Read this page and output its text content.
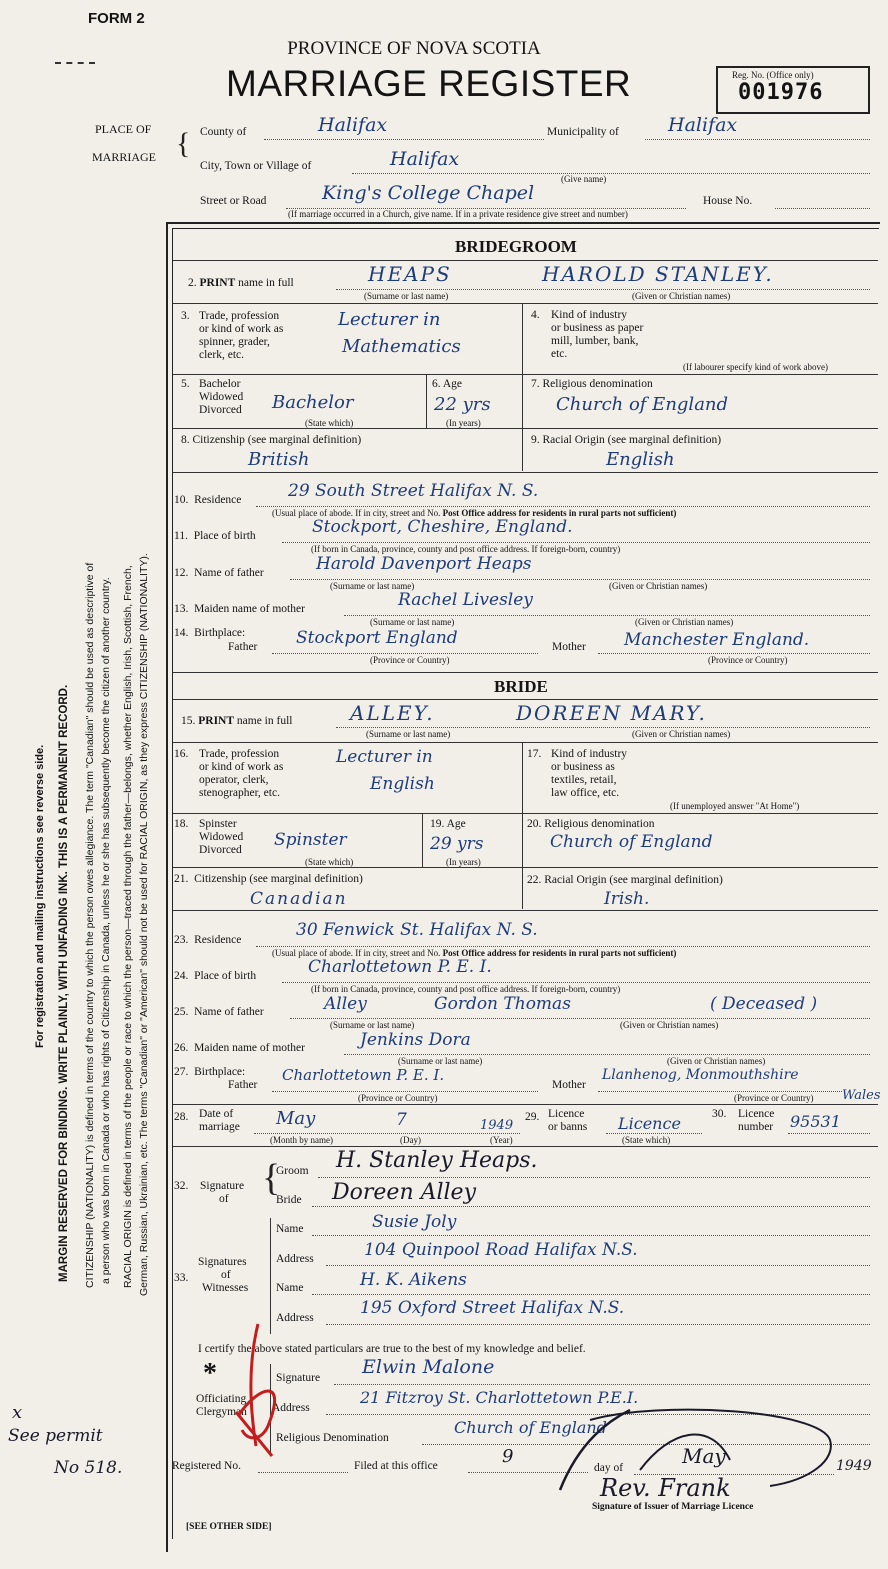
FORM 2
PROVINCE OF NOVA SCOTIA
MARRIAGE REGISTER	Reg. No. (Office only)
001976
PLACE OF
MARRIAGE { County of	Halifax	Municipality of	Halifax
City, Town or Village of	Halifax
(Give name)
Street or Road	King's College Chapel	House No.
(If marriage occurred in a Church, give name. If in a private residence give street and number)
BRIDEGROOM
2. PRINT name in full	HEAPS	HAROLD STANLEY.
(Surname or last name)	(Given or Christian names)
3. Trade, profession
or kind of work as
spinner, grader,
clerk, etc.
Lecturer in
Mathematics
4. Kind of industry
or business as paper
mill, lumber, bank,
etc.
(If labourer specify kind of work above)
5. Bachelor
Widowed
Divorced Bachelor
(State which)
6. Age
22 yrs
(In years)
7. Religious denomination
Church of England
8. Citizenship (see marginal definition)
British
9. Racial Origin (see marginal definition)
English
10. Residence	29 South Street Halifax N. S.
(Usual place of abode. If in city, street and No. Post Office address for residents in rural parts not sufficient)
11. Place of birth	Stockport, Cheshire, England.
(If born in Canada, province, county and post office address. If foreign-born, country)
12. Name of father	Harold Davenport Heaps
(Surname or last name)	(Given or Christian names)
13. Maiden name of mother	Rachel Livesley
(Surname or last name)	(Given or Christian names)
14. Birthplace:
Father Stockport England	Mother Manchester England.
(Province or Country)	(Province or Country)
BRIDE
15. PRINT name in full	ALLEY.	DOREEN MARY.
(Surname or last name)	(Given or Christian names)
16. Trade, profession
or kind of work as
operator, clerk,
stenographer, etc.
Lecturer in
English
17. Kind of industry
or business as
textiles, retail,
law office, etc.
(If unemployed answer "At Home")
18. Spinster
Widowed
Divorced Spinster
(State which)
19. Age
29 yrs
(In years)
20. Religious denomination
Church of England
21. Citizenship (see marginal definition)
Canadian
22. Racial Origin (see marginal definition)
Irish.
23. Residence	30 Fenwick St. Halifax N. S.
(Usual place of abode. If in city, street and No. Post Office address for residents in rural parts not sufficient)
24. Place of birth	Charlottetown P. E. I.
(If born in Canada, province, county and post office address. If foreign-born, country)
25. Name of father	Alley	Gordon Thomas	( Deceased )
(Surname or last name)	(Given or Christian names)
26. Maiden name of mother	Jenkins Dora
(Surname or last name)	(Given or Christian names)
27. Birthplace:
Father
Charlottetown P. E. I.
Mother
Llanhenog, Monmouthshire
Wales
(Province or Country)	(Province or Country)
28. Date of
marriage May	7	1949
(Month by name)	(Day)	(Year)
29. Licence
or banns Licence
(State which)
30. Licence
number 95531
32. Signature
of {
Groom H. Stanley Heaps.
Bride Doreen Alley
33.
Signatures
of
Witnesses
Name	Susie Joly
Address	104 Quinpool Road Halifax N.S.
Name	H. K. Aikens
Address	195 Oxford Street Halifax N.S.
I certify the above stated particulars are true to the best of my knowledge and belief.
*
Officiating
Clergyman
Signature Elwin Malone
Address
21 Fitzroy St. Charlottetown P.E.I.
Religious Denomination
Church of England
Registered No.	Filed at this office	9
day of	May	1949
Rev. Frank
Signature of Issuer of Marriage Licence
[SEE OTHER SIDE]
x
See permit
No 518.
For registration and mailing instructions see reverse side. MARGIN RESERVED FOR BINDING. WRITE PLAINLY, WITH UNFADING INK. THIS IS A PERMANENT RECORD. CITIZENSHIP (NATIONALITY) is defined in terms of the country to which the person owes allegiance. The term "Canadian" should be used as descriptive of a person who was born in Canada or who has rights of Citizenship in Canada, unless he or she has subsequently become the citizen of another country. RACIAL ORIGIN is defined in terms of the people or race to which the person—traced through the father—belongs, whether English, Irish, Scottish, French, German, Russian, Ukrainian, etc. The terms "Canadian" or "American" should not be used for RACIAL ORIGIN, as they express CITIZENSHIP (NATIONALITY).
